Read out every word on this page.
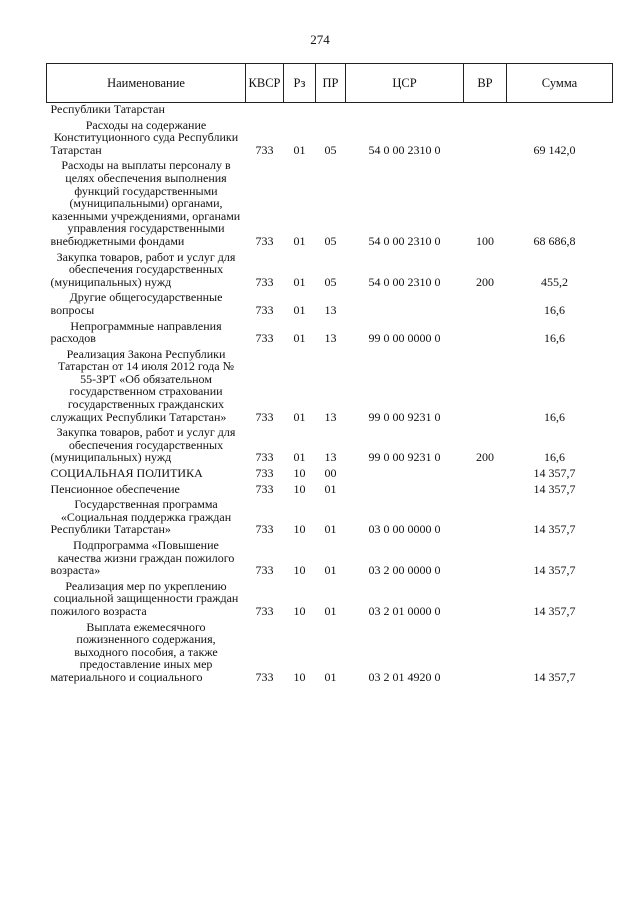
274
Наименование	КВСР	Рз	ПР	ЦСР	ВР	Сумма
Республики Татарстан						
Расходы на содержание Конституционного суда Республики Татарстан	733	01	05	54 0 00 2310 0		69 142,0
Расходы на выплаты персоналу в целях обеспечения выполнения функций государственными (муниципальными) органами, казенными учреждениями, органами управления государственными внебюджетными фондами	733	01	05	54 0 00 2310 0	100	68 686,8
Закупка товаров, работ и услуг для обеспечения государственных (муниципальных) нужд	733	01	05	54 0 00 2310 0	200	455,2
Другие общегосударственные вопросы	733	01	13			16,6
Непрограммные направления расходов	733	01	13	99 0 00 0000 0		16,6
Реализация Закона Республики Татарстан от 14 июля 2012 года № 55-ЗРТ «Об обязательном государственном страховании государственных гражданских служащих Республики Татарстан»	733	01	13	99 0 00 9231 0		16,6
Закупка товаров, работ и услуг для обеспечения государственных (муниципальных) нужд	733	01	13	99 0 00 9231 0	200	16,6
СОЦИАЛЬНАЯ ПОЛИТИКА	733	10	00			14 357,7
Пенсионное обеспечение	733	10	01			14 357,7
Государственная программа «Социальная поддержка граждан Республики Татарстан»	733	10	01	03 0 00 0000 0		14 357,7
Подпрограмма «Повышение качества жизни граждан пожилого возраста»	733	10	01	03 2 00 0000 0		14 357,7
Реализация мер по укреплению социальной защищенности граждан пожилого возраста	733	10	01	03 2 01 0000 0		14 357,7
Выплата ежемесячного пожизненного содержания, выходного пособия, а также предоставление иных мер материального и социального	733	10	01	03 2 01 4920 0		14 357,7
